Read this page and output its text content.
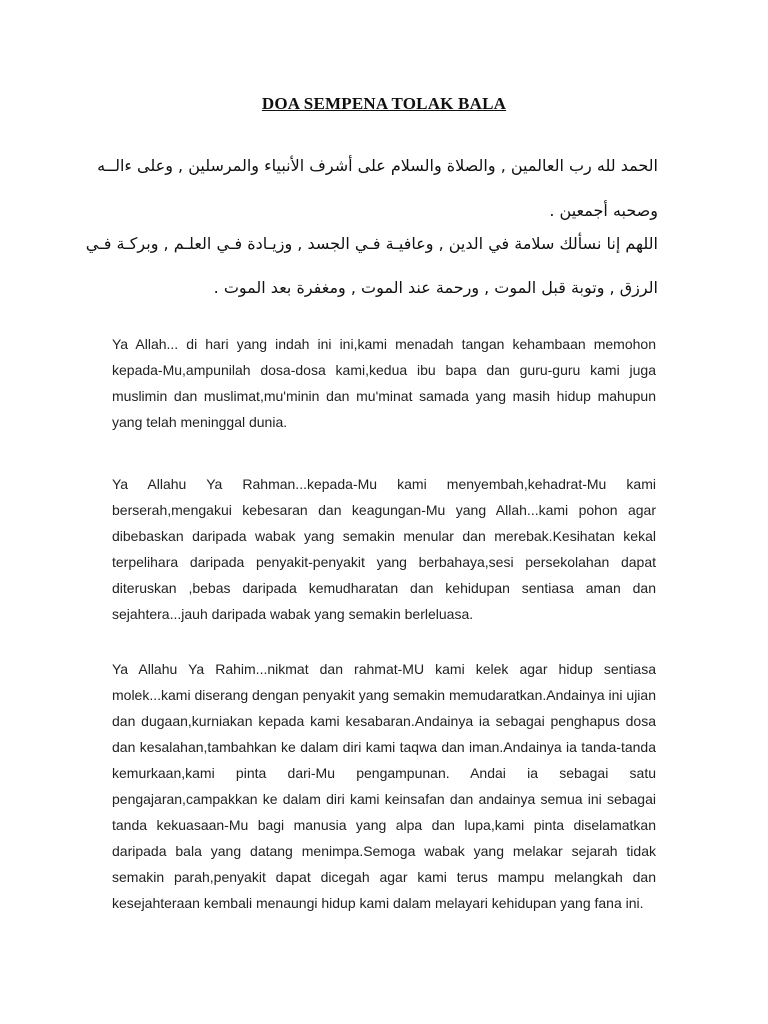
DOA SEMPENA TOLAK BALA
الحمد لله رب العالمين , والصلاة والسلام على أشرف الأنبياء والمرسلين , وعلى ءالــه
وصحبه أجمعين .
اللهم إنا نسألك سلامة في الدين , وعافيـة فـي الجسد , وزيـادة فـي العلـم , وبركـة فـي
الرزق , وتوبة قبل الموت , ورحمة عند الموت , ومغفرة بعد الموت .

Ya Allah... di hari yang indah ini ini,kami menadah tangan kehambaan memohon kepada-Mu,ampunilah dosa-dosa kami,kedua ibu bapa dan guru-guru kami juga muslimin dan muslimat,mu'minin dan mu'minat samada yang masih hidup mahupun yang telah meninggal dunia.

Ya Allahu Ya Rahman...kepada-Mu kami menyembah,kehadrat-Mu kami berserah,mengakui kebesaran dan keagungan-Mu yang Allah...kami pohon agar dibebaskan daripada wabak yang semakin menular dan merebak.Kesihatan kekal terpelihara daripada penyakit-penyakit yang berbahaya,sesi persekolahan dapat diteruskan ,bebas daripada kemudharatan dan kehidupan sentiasa aman dan sejahtera...jauh daripada wabak yang semakin berleluasa.

Ya Allahu Ya Rahim...nikmat dan rahmat-MU kami kelek agar hidup sentiasa molek...kami diserang dengan penyakit yang semakin memudaratkan.Andainya ini ujian dan dugaan,kurniakan kepada kami kesabaran.Andainya ia sebagai penghapus dosa dan kesalahan,tambahkan ke dalam diri kami taqwa dan iman.Andainya ia tanda-tanda kemurkaan,kami pinta dari-Mu pengampunan. Andai ia sebagai satu pengajaran,campakkan ke dalam diri kami keinsafan dan andainya semua ini sebagai tanda kekuasaan-Mu bagi manusia yang alpa dan lupa,kami pinta diselamatkan daripada bala yang datang menimpa.Semoga wabak yang melakar sejarah tidak semakin parah,penyakit dapat dicegah agar kami terus mampu melangkah dan kesejahteraan kembali menaungi hidup kami dalam melayari kehidupan yang fana ini.
